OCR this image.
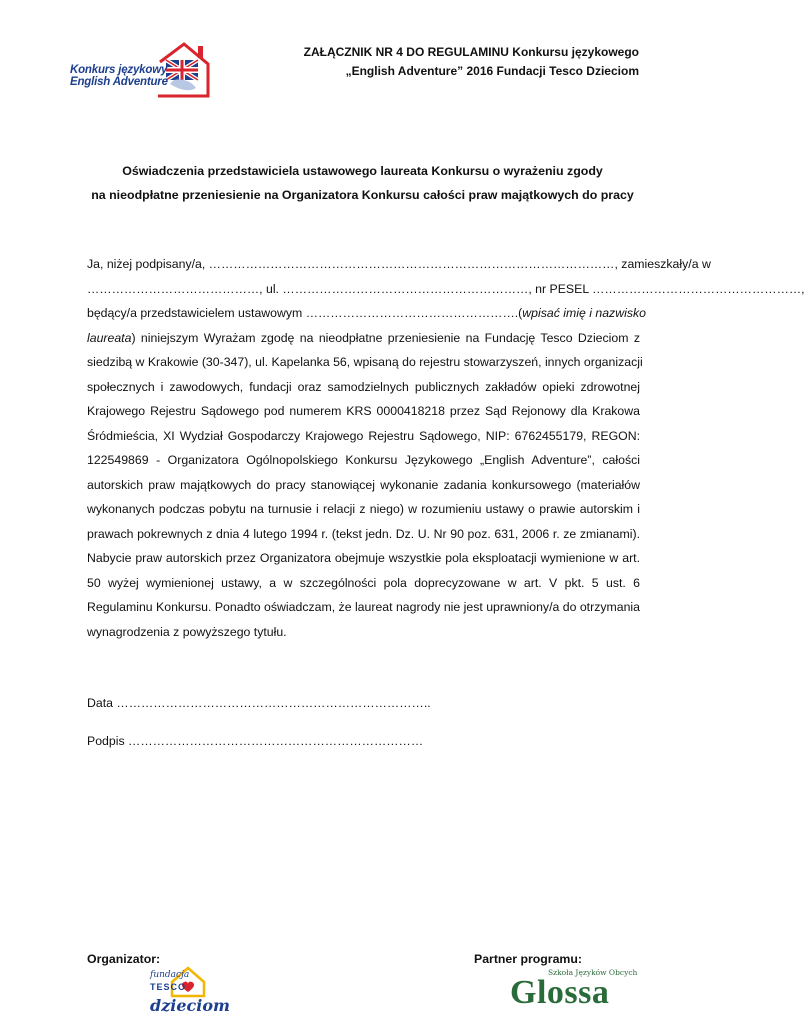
Konkurs językowy
English Adventure
ZAŁĄCZNIK NR 4 DO REGULAMINU Konkursu językowego
„English Adventure” 2016 Fundacji Tesco Dzieciom
Oświadczenia przedstawiciela ustawowego laureata Konkursu o wyrażeniu zgody
na nieodpłatne przeniesienie na Organizatora Konkursu całości praw majątkowych do pracy
Ja, niżej podpisany/a, ………………………………………………………………………………………, zamieszkały/a w
……………………………………, ul. ……………………………………………………, nr PESEL ……………………………………………,
będący/a przedstawicielem ustawowym …………………………………………….(wpisać imię i nazwisko
laureata) niniejszym Wyrażam zgodę na nieodpłatne przeniesienie na Fundację Tesco Dzieciom z
siedzibą w Krakowie (30-347), ul. Kapelanka 56, wpisaną do rejestru stowarzyszeń, innych organizacji
społecznych i zawodowych, fundacji oraz samodzielnych publicznych zakładów opieki zdrowotnej
Krajowego Rejestru Sądowego pod numerem KRS 0000418218 przez Sąd Rejonowy dla Krakowa
Śródmieścia, XI Wydział Gospodarczy Krajowego Rejestru Sądowego, NIP: 6762455179, REGON:
122549869 - Organizatora Ogólnopolskiego Konkursu Językowego „English Adventure”, całości
autorskich praw majątkowych do pracy stanowiącej wykonanie zadania konkursowego (materiałów
wykonanych podczas pobytu na turnusie i relacji z niego) w rozumieniu ustawy o prawie autorskim i
prawach pokrewnych z dnia 4 lutego 1994 r. (tekst jedn. Dz. U. Nr 90 poz. 631, 2006 r. ze zmianami).
Nabycie praw autorskich przez Organizatora obejmuje wszystkie pola eksploatacji wymienione w art.
50 wyżej wymienionej ustawy, a w szczególności pola doprecyzowane w art. V pkt. 5 ust. 6
Regulaminu Konkursu. Ponadto oświadczam, że laureat nagrody nie jest uprawniony/a do otrzymania
wynagrodzenia z powyższego tytułu.
Data …………………………………………………………………..
Podpis ………………………………………………………………
Organizator:	Partner programu:
fundacja
TESCO
dzieciom
Szkoła Języków Obcych
Glossa
